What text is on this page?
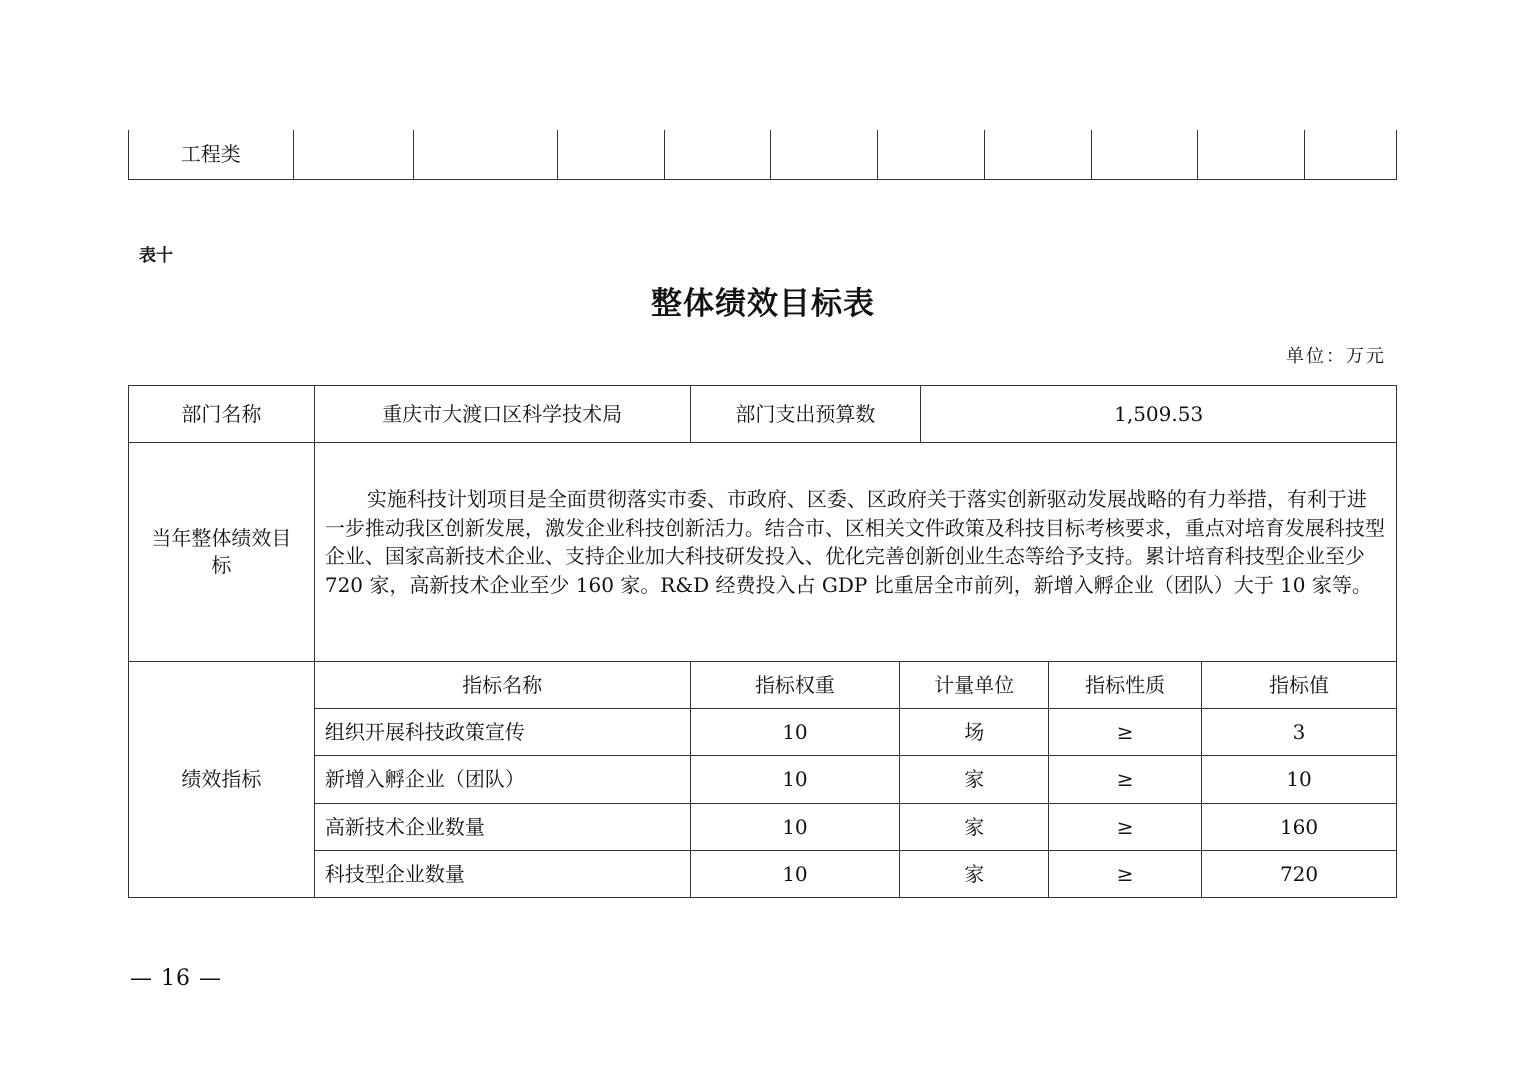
工程类										
表十
整体绩效目标表
单位：万元
部门名称	重庆市大渡口区科学技术局	部门支出预算数		1,509.53		
当年整体绩效目标	实施科技计划项目是全面贯彻落实市委、市政府、区委、区政府关于落实创新驱动发展战略的有力举措，有利于进一步推动我区创新发展，激发企业科技创新活力。结合市、区相关文件政策及科技目标考核要求，重点对培育发展科技型企业、国家高新技术企业、支持企业加大科技研发投入、优化完善创新创业生态等给予支持。累计培育科技型企业至少 720 家，高新技术企业至少 160 家。R&D 经费投入占 GDP 比重居全市前列，新增入孵企业（团队）大于 10 家等。					
绩效指标	指标名称	指标权重	计量单位		指标性质	指标值
	组织开展科技政策宣传	10	场		≥	3
	新增入孵企业（团队）	10	家		≥	10
	高新技术企业数量	10	家		≥	160
	科技型企业数量	10	家		≥	720
— 16 —
